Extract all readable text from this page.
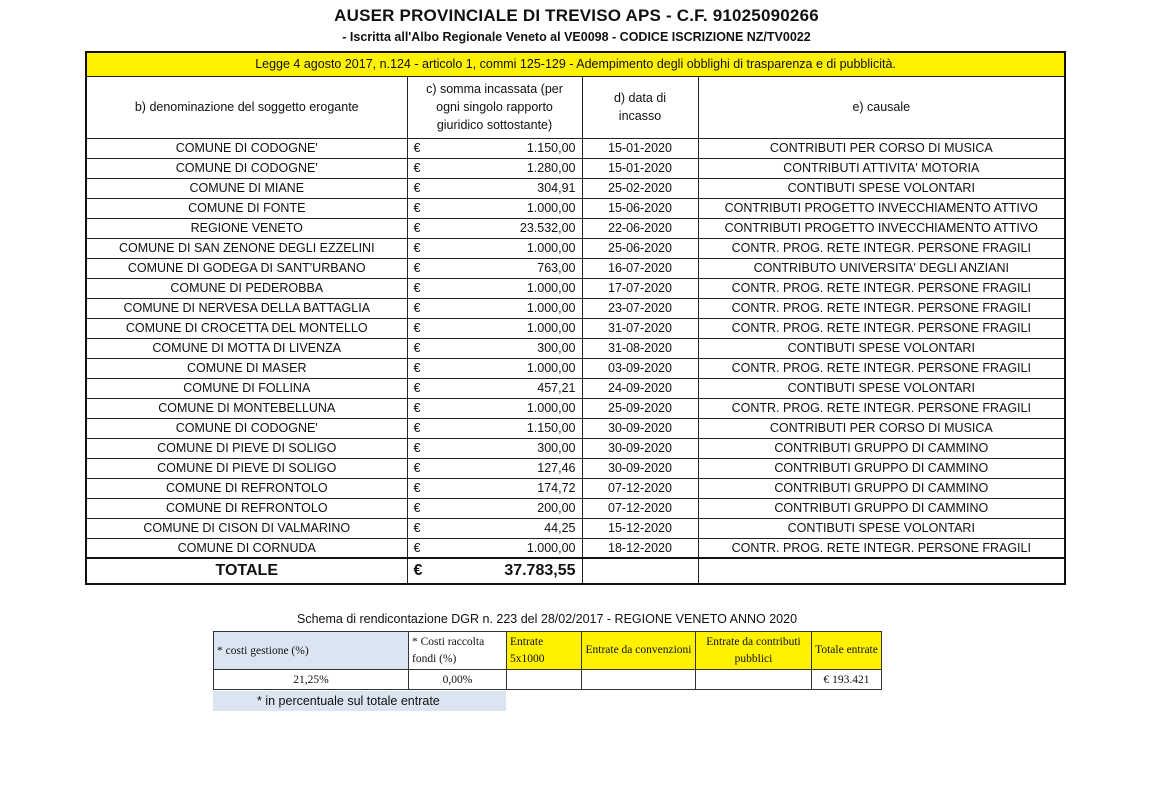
AUSER PROVINCIALE DI TREVISO APS - C.F. 91025090266
- Iscritta all'Albo Regionale Veneto al VE0098 - CODICE ISCRIZIONE NZ/TV0022
Legge 4 agosto 2017, n.124 - articolo 1, commi 125-129 - Adempimento degli obblighi di trasparenza e di pubblicità.				
b) denominazione del soggetto erogante	c) somma incassata (per ogni singolo rapporto giuridico sottostante)		d) data di incasso	e) causale
COMUNE DI CODOGNE'	€	1.150,00	15-01-2020	CONTRIBUTI PER CORSO DI MUSICA
COMUNE DI CODOGNE'	€	1.280,00	15-01-2020	CONTRIBUTI ATTIVITA' MOTORIA
COMUNE DI MIANE	€	304,91	25-02-2020	CONTIBUTI SPESE VOLONTARI
COMUNE DI FONTE	€	1.000,00	15-06-2020	CONTRIBUTI PROGETTO INVECCHIAMENTO ATTIVO
REGIONE VENETO	€	23.532,00	22-06-2020	CONTRIBUTI PROGETTO INVECCHIAMENTO ATTIVO
COMUNE DI SAN ZENONE DEGLI EZZELINI	€	1.000,00	25-06-2020	CONTR. PROG. RETE INTEGR. PERSONE FRAGILI
COMUNE DI GODEGA DI SANT'URBANO	€	763,00	16-07-2020	CONTRIBUTO UNIVERSITA' DEGLI ANZIANI
COMUNE DI PEDEROBBA	€	1.000,00	17-07-2020	CONTR. PROG. RETE INTEGR. PERSONE FRAGILI
COMUNE DI NERVESA DELLA BATTAGLIA	€	1.000,00	23-07-2020	CONTR. PROG. RETE INTEGR. PERSONE FRAGILI
COMUNE DI CROCETTA DEL MONTELLO	€	1.000,00	31-07-2020	CONTR. PROG. RETE INTEGR. PERSONE FRAGILI
COMUNE DI MOTTA DI LIVENZA	€	300,00	31-08-2020	CONTIBUTI SPESE VOLONTARI
COMUNE DI MASER	€	1.000,00	03-09-2020	CONTR. PROG. RETE INTEGR. PERSONE FRAGILI
COMUNE DI FOLLINA	€	457,21	24-09-2020	CONTIBUTI SPESE VOLONTARI
COMUNE DI MONTEBELLUNA	€	1.000,00	25-09-2020	CONTR. PROG. RETE INTEGR. PERSONE FRAGILI
COMUNE DI CODOGNE'	€	1.150,00	30-09-2020	CONTRIBUTI PER CORSO DI MUSICA
COMUNE DI PIEVE DI SOLIGO	€	300,00	30-09-2020	CONTRIBUTI GRUPPO DI CAMMINO
COMUNE DI PIEVE DI SOLIGO	€	127,46	30-09-2020	CONTRIBUTI GRUPPO DI CAMMINO
COMUNE DI REFRONTOLO	€	174,72	07-12-2020	CONTRIBUTI GRUPPO DI CAMMINO
COMUNE DI REFRONTOLO	€	200,00	07-12-2020	CONTRIBUTI GRUPPO DI CAMMINO
COMUNE DI CISON DI VALMARINO	€	44,25	15-12-2020	CONTIBUTI SPESE VOLONTARI
COMUNE DI CORNUDA	€	1.000,00	18-12-2020	CONTR. PROG. RETE INTEGR. PERSONE FRAGILI
TOTALE	€	37.783,55		
Schema di rendicontazione DGR n. 223 del 28/02/2017 - REGIONE VENETO ANNO 2020
* costi gestione (%)	* Costi raccolta fondi (%)	Entrate 5x1000	Entrate da convenzioni	Entrate da contributi pubblici	Totale entrate
21,25%	0,00%				€ 193.421
* in percentuale sul totale entrate
